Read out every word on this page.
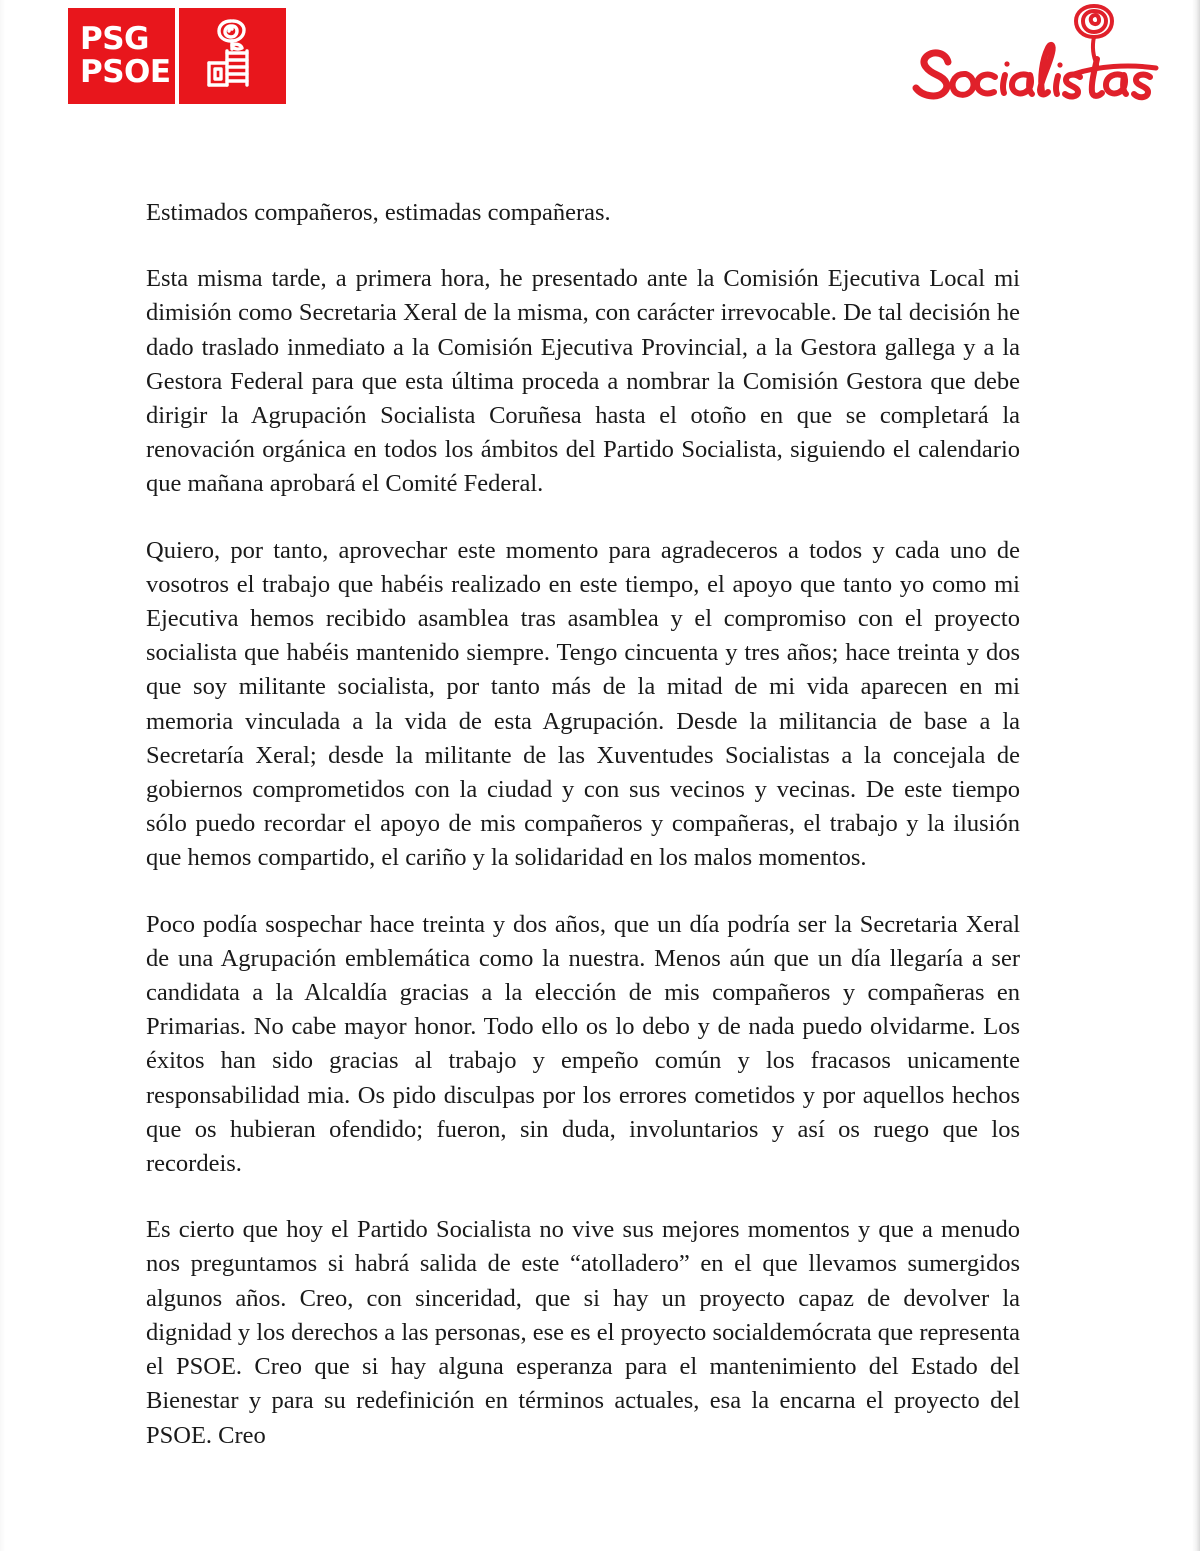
PSG
PSOE

Estimados compañeros, estimadas compañeras.

Esta misma tarde, a primera hora, he presentado ante la Comisión Ejecutiva Local mi dimisión como Secretaria Xeral de la misma, con carácter irrevocable. De tal decisión he dado traslado inmediato a la Comisión Ejecutiva Provincial, a la Gestora gallega y a la Gestora Federal para que esta última proceda a nombrar la Comisión Gestora que debe dirigir la Agrupación Socialista Coruñesa hasta el otoño en que se completará la renovación orgánica en todos los ámbitos del Partido Socialista, siguiendo el calendario que mañana aprobará el Comité Federal.

Quiero, por tanto, aprovechar este momento para agradeceros a todos y cada uno de vosotros el trabajo que habéis realizado en este tiempo, el apoyo que tanto yo como mi Ejecutiva hemos recibido asamblea tras asamblea y el compromiso con el proyecto socialista que habéis mantenido siempre. Tengo cincuenta y tres años; hace treinta y dos que soy militante socialista, por tanto más de la mitad de mi vida aparecen en mi memoria vinculada a la vida de esta Agrupación. Desde la militancia de base a la Secretaría Xeral; desde la militante de las Xuventudes Socialistas a la concejala de gobiernos comprometidos con la ciudad y con sus vecinos y vecinas. De este tiempo sólo puedo recordar el apoyo de mis compañeros y compañeras, el trabajo y la ilusión que hemos compartido, el cariño y la solidaridad en los malos momentos.

Poco podía sospechar hace treinta y dos años, que un día podría ser la Secretaria Xeral de una Agrupación emblemática como la nuestra. Menos aún que un día llegaría a ser candidata a la Alcaldía gracias a la elección de mis compañeros y compañeras en Primarias. No cabe mayor honor. Todo ello os lo debo y de nada puedo olvidarme. Los éxitos han sido gracias al trabajo y empeño común y los fracasos unicamente responsabilidad mia. Os pido disculpas por los errores cometidos y por aquellos hechos que os hubieran ofendido; fueron, sin duda, involuntarios y así os ruego que los recordeis.

Es cierto que hoy el Partido Socialista no vive sus mejores momentos y que a menudo nos preguntamos si habrá salida de este “atolladero” en el que llevamos sumergidos algunos años. Creo, con sinceridad, que si hay un proyecto capaz de devolver la dignidad y los derechos a las personas, ese es el proyecto socialdemócrata que representa el PSOE. Creo que si hay alguna esperanza para el mantenimiento del Estado del Bienestar y para su redefinición en términos actuales, esa la encarna el proyecto del PSOE. Creo
